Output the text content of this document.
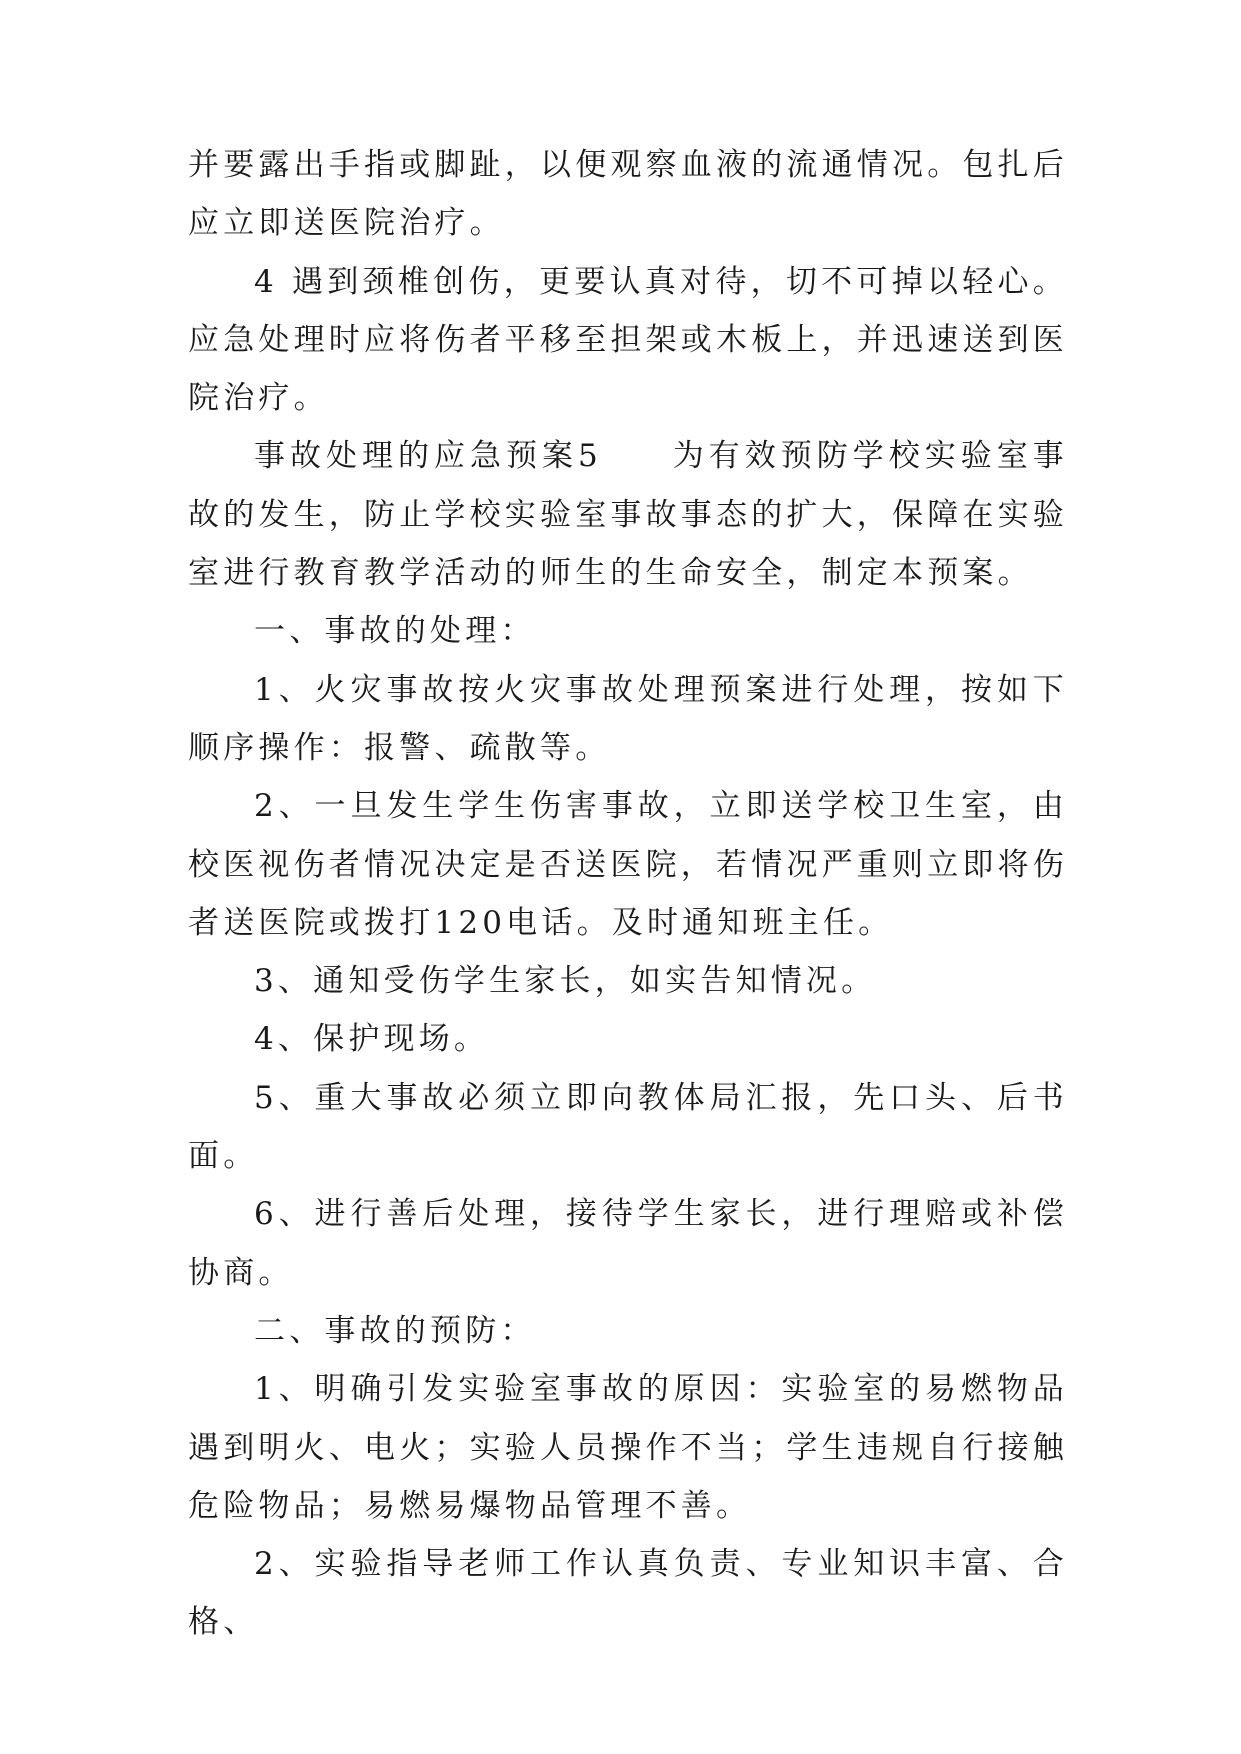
并要露出手指或脚趾，以便观察血液的流通情况。包扎后应立即送医院治疗。

4 遇到颈椎创伤，更要认真对待，切不可掉以轻心。应急处理时应将伤者平移至担架或木板上，并迅速送到医院治疗。

事故处理的应急预案5 为有效预防学校实验室事故的发生，防止学校实验室事故事态的扩大，保障在实验室进行教育教学活动的师生的生命安全，制定本预案。

一、事故的处理：

1、火灾事故按火灾事故处理预案进行处理，按如下顺序操作：报警、疏散等。

2、一旦发生学生伤害事故，立即送学校卫生室，由校医视伤者情况决定是否送医院，若情况严重则立即将伤者送医院或拨打120电话。及时通知班主任。

3、通知受伤学生家长，如实告知情况。

4、保护现场。

5、重大事故必须立即向教体局汇报，先口头、后书面。

6、进行善后处理，接待学生家长，进行理赔或补偿协商。

二、事故的预防：

1、明确引发实验室事故的原因：实验室的易燃物品遇到明火、电火；实验人员操作不当；学生违规自行接触危险物品；易燃易爆物品管理不善。

2、实验指导老师工作认真负责、专业知识丰富、合格、
